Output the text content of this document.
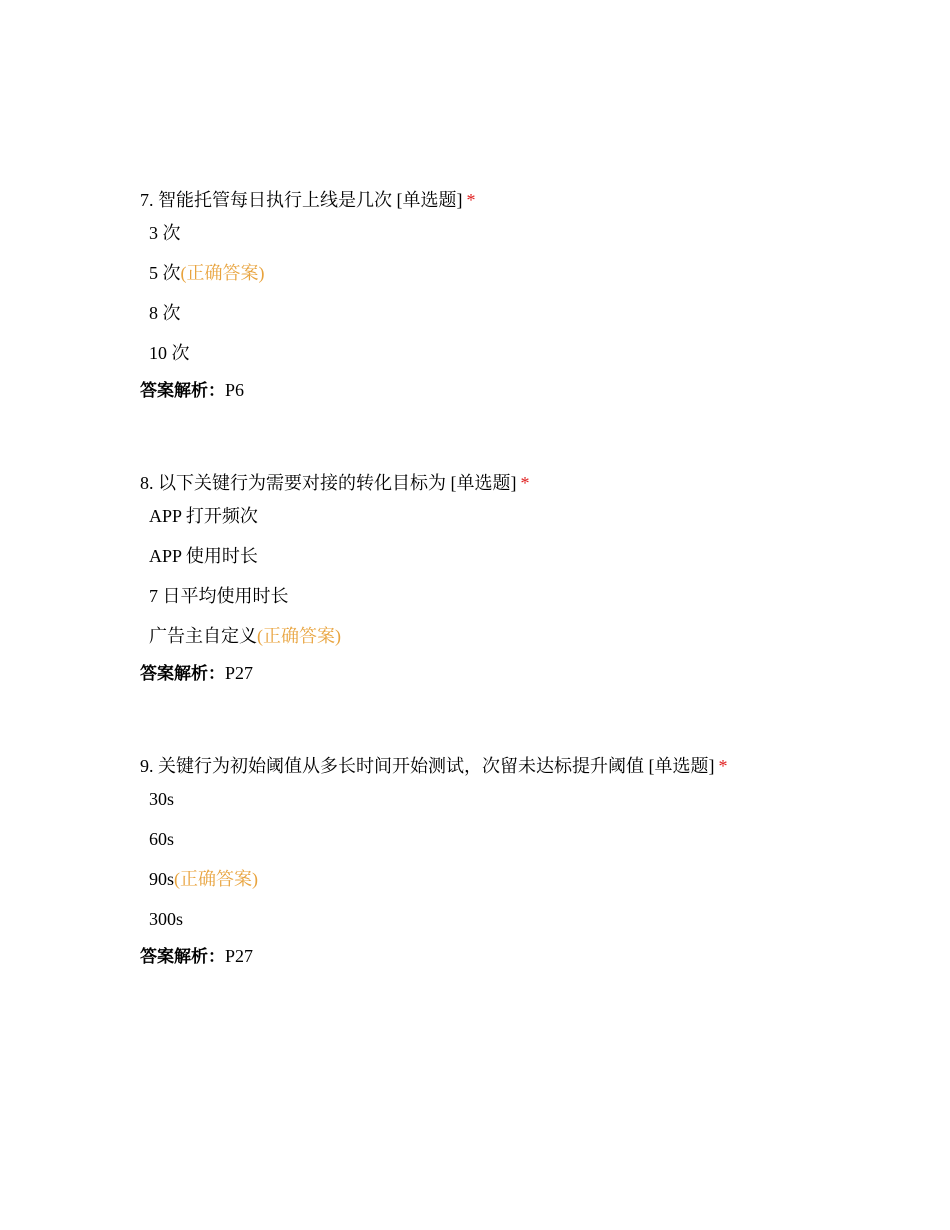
7. 智能托管每日执行上线是几次 [单选题] *
3 次
5 次(正确答案)
8 次
10 次
答案解析：P6
8. 以下关键行为需要对接的转化目标为 [单选题] *
APP 打开频次
APP 使用时长
7 日平均使用时长
广告主自定义(正确答案)
答案解析：P27
9. 关键行为初始阈值从多长时间开始测试，次留未达标提升阈值 [单选题] *
30s
60s
90s(正确答案)
300s
答案解析：P27
